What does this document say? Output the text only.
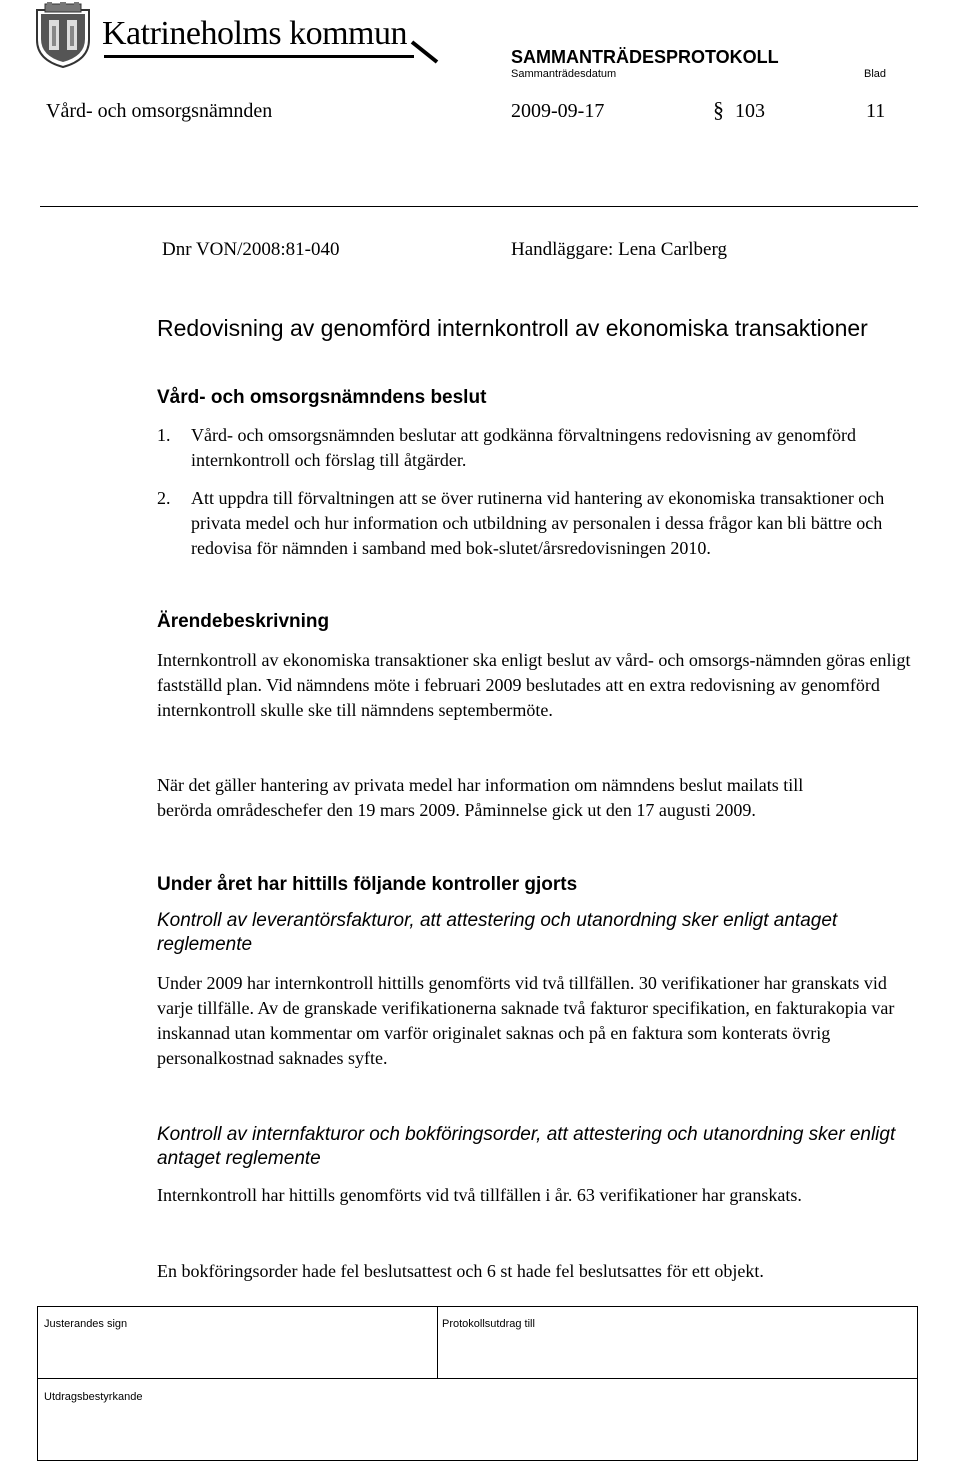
Katrineholms kommun
SAMMANTRÄDESPROTOKOLL
Sammanträdesdatum	Blad
Vård- och omsorgsnämnden	2009-09-17	§ 103	11
Dnr VON/2008:81-040	Handläggare: Lena Carlberg
Redovisning av genomförd internkontroll av ekonomiska transaktioner
Vård- och omsorgsnämndens beslut
1. Vård- och omsorgsnämnden beslutar att godkänna förvaltningens redovisning av genomförd internkontroll och förslag till åtgärder.
2. Att uppdra till förvaltningen att se över rutinerna vid hantering av ekonomiska transaktioner och privata medel och hur information och utbildning av personalen i dessa frågor kan bli bättre och redovisa för nämnden i samband med bok-slutet/årsredovisningen 2010.
Ärendebeskrivning
Internkontroll av ekonomiska transaktioner ska enligt beslut av vård- och omsorgs-nämnden göras enligt fastställd plan. Vid nämndens möte i februari 2009 beslutades att en extra redovisning av genomförd internkontroll skulle ske till nämndens septembermöte.
När det gäller hantering av privata medel har information om nämndens beslut mailats till berörda områdeschefer den 19 mars 2009. Påminnelse gick ut den 17 augusti 2009.
Under året har hittills följande kontroller gjorts
Kontroll av leverantörsfakturor, att attestering och utanordning sker enligt antaget reglemente
Under 2009 har internkontroll hittills genomförts vid två tillfällen. 30 verifikationer har granskats vid varje tillfälle. Av de granskade verifikationerna saknade två fakturor specifikation, en fakturakopia var inskannad utan kommentar om varför originalet saknas och på en faktura som konterats övrig personalkostnad saknades syfte.
Kontroll av internfakturor och bokföringsorder, att attestering och utanordning sker enligt antaget reglemente
Internkontroll har hittills genomförts vid två tillfällen i år. 63 verifikationer har granskats.
En bokföringsorder hade fel beslutsattest och 6 st hade fel beslutsattes för ett objekt.
Justerandes sign	Protokollsutdrag till
Utdragsbestyrkande
